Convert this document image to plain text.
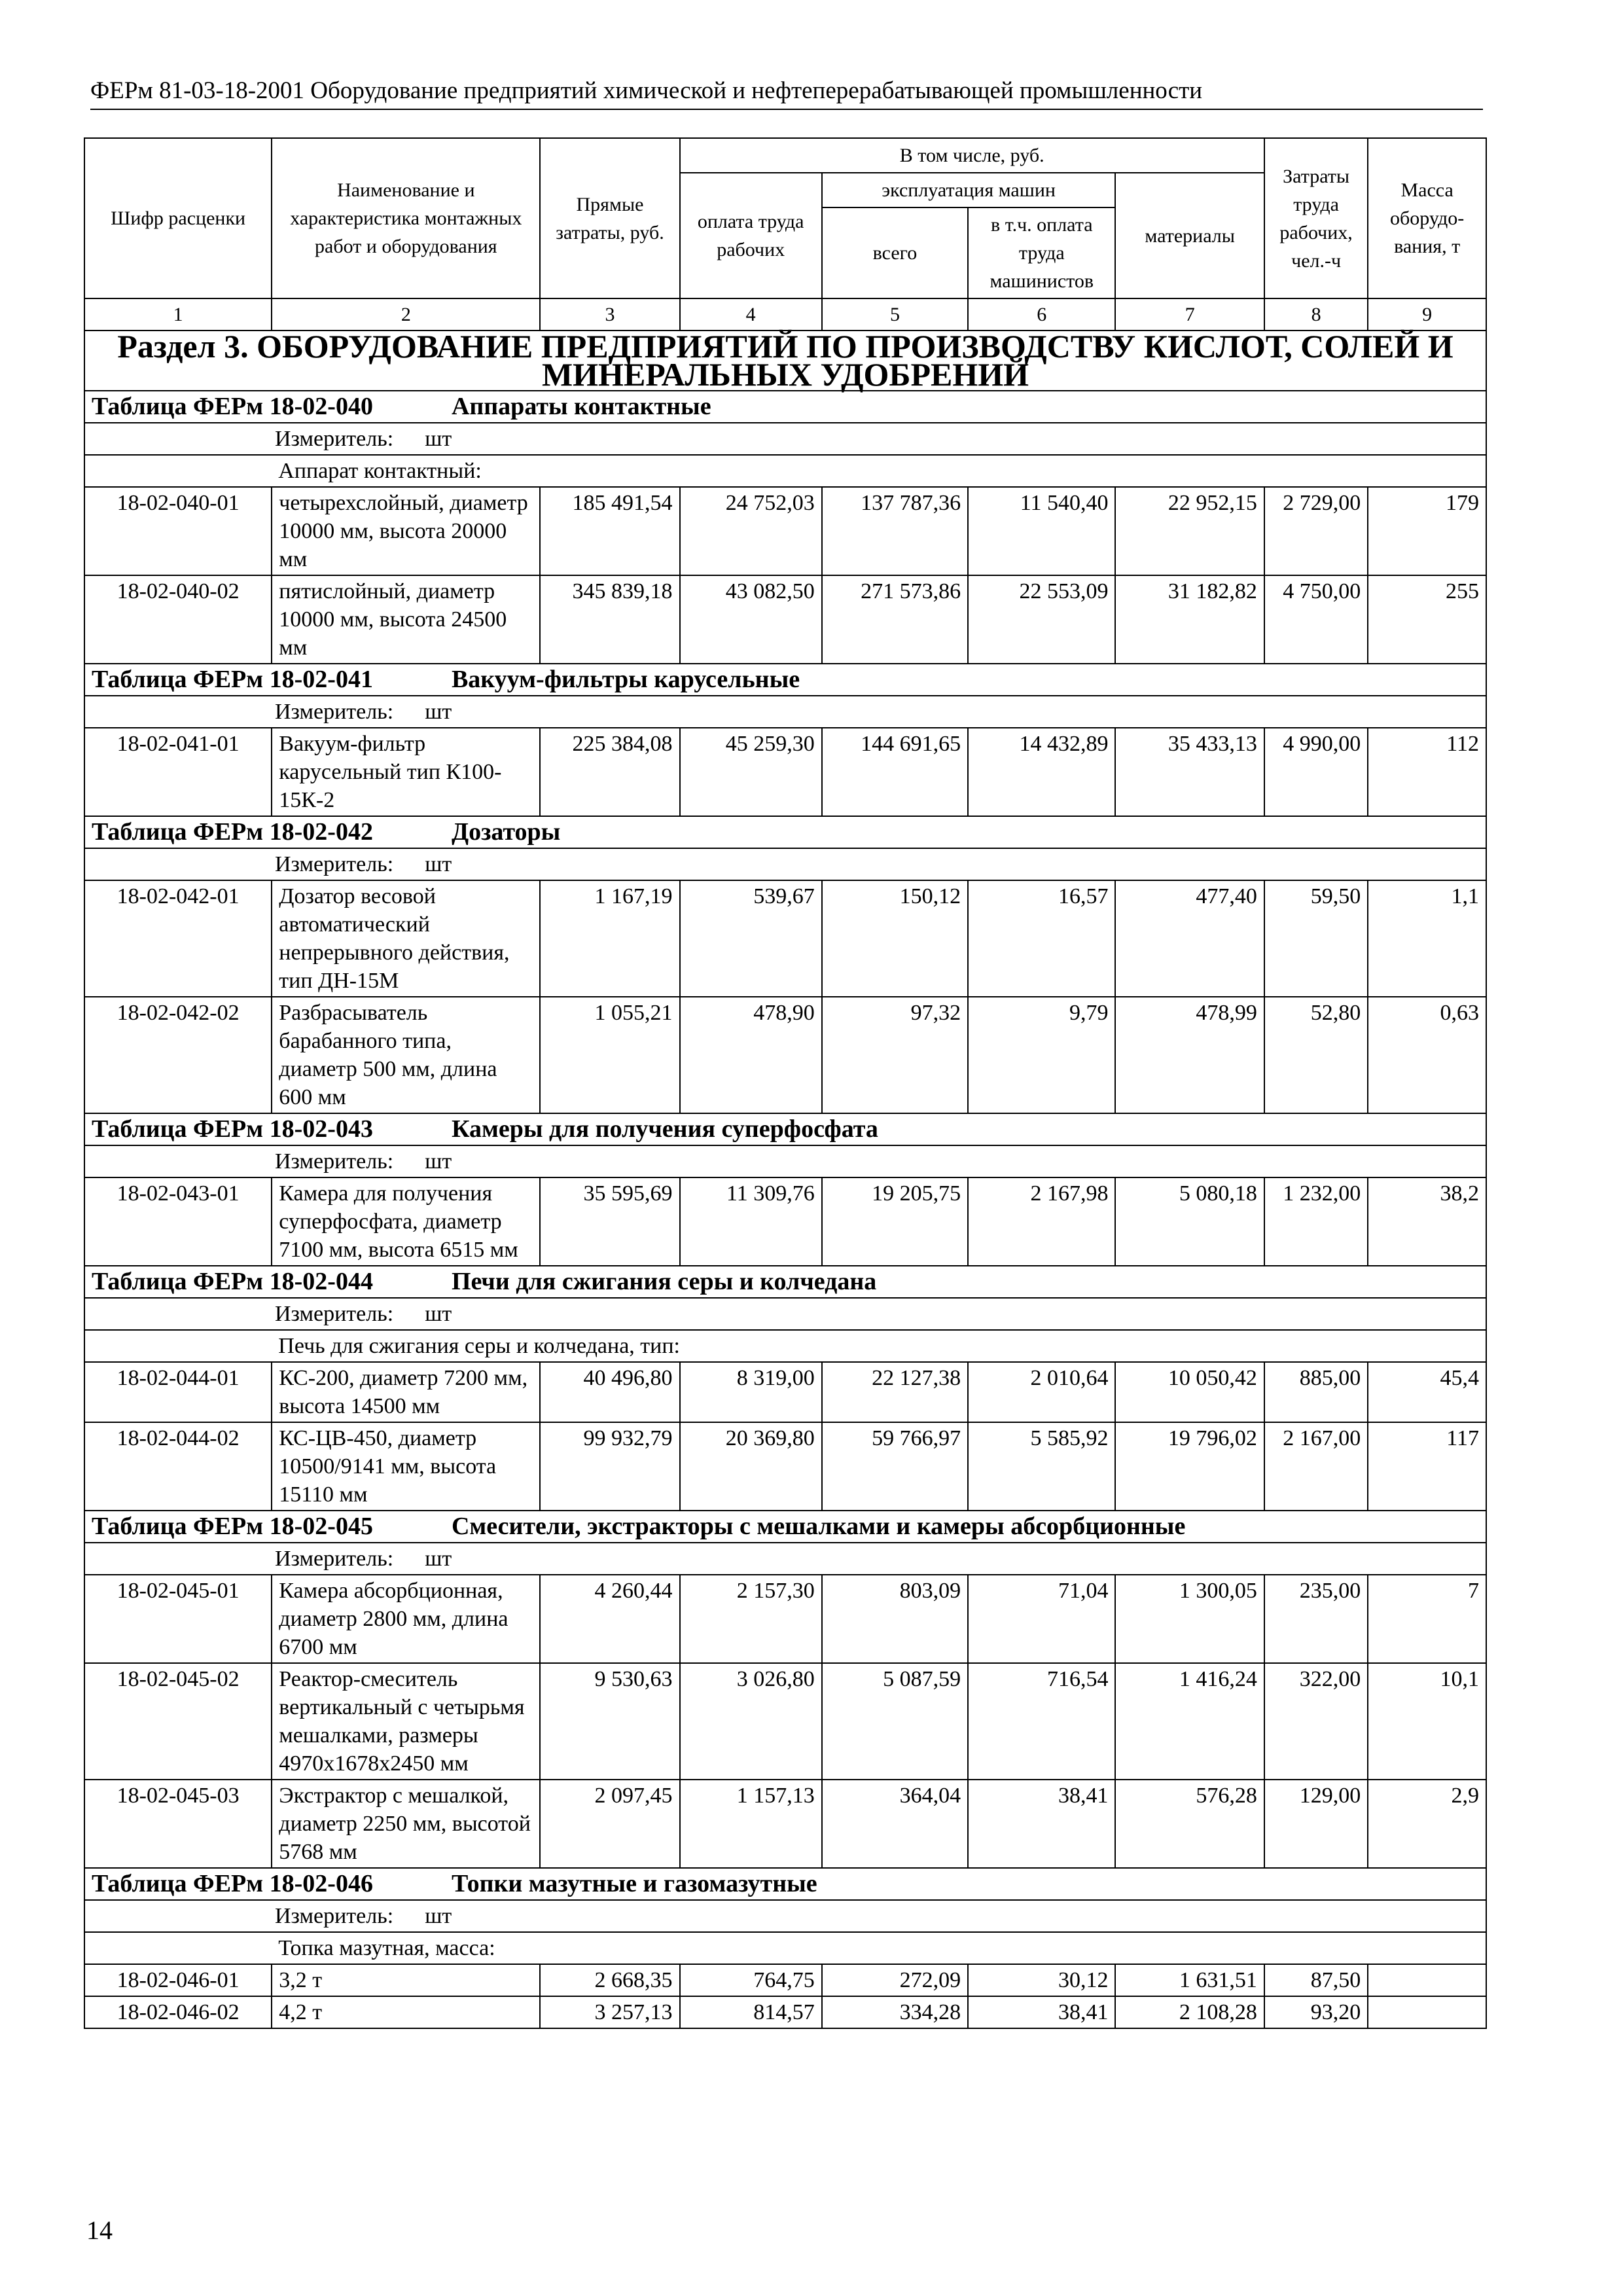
ФЕРм 81-03-18-2001 Оборудование предприятий химической и нефтеперерабатывающей промышленности
Шифр расценки	Наименование и характеристика монтажных работ и оборудования	Прямые затраты, руб.	В том числе, руб.				Затраты труда рабочих, чел.-ч	Масса оборудо-вания, т
			оплата труда рабочих	эксплуатация машин		материалы		
				всего	в т.ч. оплата труда машинистов			
1	2	3	4	5	6	7	8	9
Раздел 3. ОБОРУДОВАНИЕ ПРЕДПРИЯТИЙ ПО ПРОИЗВОДСТВУ КИСЛОТ, СОЛЕЙ И МИНЕРАЛЬНЫХ УДОБРЕНИЙ								
Таблица ФЕРм 18-02-040 Аппараты контактные								
Измеритель: шт								
	Аппарат контактный:							
18-02-040-01	четырехслойный, диаметр 10000 мм, высота 20000 мм	185 491,54	24 752,03	137 787,36	11 540,40	22 952,15	2 729,00	179
18-02-040-02	пятислойный, диаметр 10000 мм, высота 24500 мм	345 839,18	43 082,50	271 573,86	22 553,09	31 182,82	4 750,00	255
Таблица ФЕРм 18-02-041 Вакуум-фильтры карусельные								
Измеритель: шт								
18-02-041-01	Вакуум-фильтр карусельный тип К100-15К-2	225 384,08	45 259,30	144 691,65	14 432,89	35 433,13	4 990,00	112
Таблица ФЕРм 18-02-042 Дозаторы								
Измеритель: шт								
18-02-042-01	Дозатор весовой автоматический непрерывного действия, тип ДН-15М	1 167,19	539,67	150,12	16,57	477,40	59,50	1,1
18-02-042-02	Разбрасыватель барабанного типа, диаметр 500 мм, длина 600 мм	1 055,21	478,90	97,32	9,79	478,99	52,80	0,63
Таблица ФЕРм 18-02-043 Камеры для получения суперфосфата								
Измеритель: шт								
18-02-043-01	Камера для получения суперфосфата, диаметр 7100 мм, высота 6515 мм	35 595,69	11 309,76	19 205,75	2 167,98	5 080,18	1 232,00	38,2
Таблица ФЕРм 18-02-044 Печи для сжигания серы и колчедана								
Измеритель: шт								
	Печь для сжигания серы и колчедана, тип:							
18-02-044-01	КС-200, диаметр 7200 мм, высота 14500 мм	40 496,80	8 319,00	22 127,38	2 010,64	10 050,42	885,00	45,4
18-02-044-02	КС-ЦВ-450, диаметр 10500/9141 мм, высота 15110 мм	99 932,79	20 369,80	59 766,97	5 585,92	19 796,02	2 167,00	117
Таблица ФЕРм 18-02-045 Смесители, экстракторы с мешалками и камеры абсорбционные								
Измеритель: шт								
18-02-045-01	Камера абсорбционная, диаметр 2800 мм, длина 6700 мм	4 260,44	2 157,30	803,09	71,04	1 300,05	235,00	7
18-02-045-02	Реактор-смеситель вертикальный с четырьмя мешалками, размеры 4970x1678x2450 мм	9 530,63	3 026,80	5 087,59	716,54	1 416,24	322,00	10,1
18-02-045-03	Экстрактор с мешалкой, диаметр 2250 мм, высотой 5768 мм	2 097,45	1 157,13	364,04	38,41	576,28	129,00	2,9
Таблица ФЕРм 18-02-046 Топки мазутные и газомазутные								
Измеритель: шт								
	Топка мазутная, масса:							
18-02-046-01	3,2 т	2 668,35	764,75	272,09	30,12	1 631,51	87,50	
18-02-046-02	4,2 т	3 257,13	814,57	334,28	38,41	2 108,28	93,20	
14
